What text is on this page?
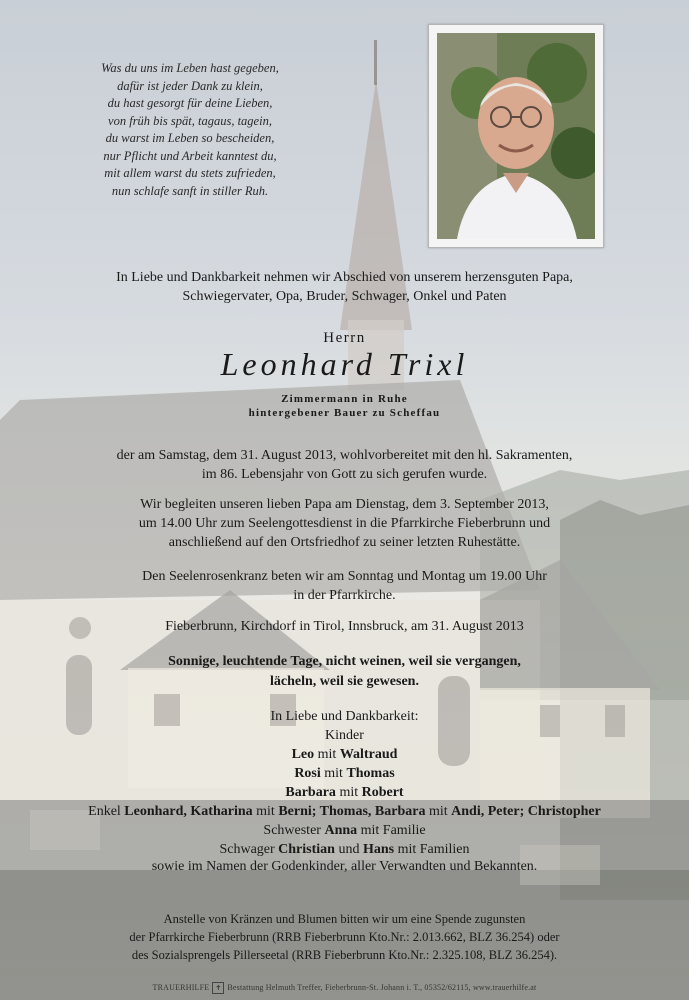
Was du uns im Leben hast gegeben,
dafür ist jeder Dank zu klein,
du hast gesorgt für deine Lieben,
von früh bis spät, tagaus, tagein,
du warst im Leben so bescheiden,
nur Pflicht und Arbeit kanntest du,
mit allem warst du stets zufrieden,
nun schlafe sanft in stiller Ruh.
In Liebe und Dankbarkeit nehmen wir Abschied von unserem herzensguten Papa,
Schwiegervater, Opa, Bruder, Schwager, Onkel und Paten
Herrn
Leonhard Trixl
Zimmermann in Ruhe
hintergebener Bauer zu Scheffau
der am Samstag, dem 31. August 2013, wohlvorbereitet mit den hl. Sakramenten,
im 86. Lebensjahr von Gott zu sich gerufen wurde.
Wir begleiten unseren lieben Papa am Dienstag, dem 3. September 2013,
um 14.00 Uhr zum Seelengottesdienst in die Pfarrkirche Fieberbrunn und
anschließend auf den Ortsfriedhof zu seiner letzten Ruhestätte.
Den Seelenrosenkranz beten wir am Sonntag und Montag um 19.00 Uhr
in der Pfarrkirche.
Fieberbrunn, Kirchdorf in Tirol, Innsbruck, am 31. August 2013
Sonnige, leuchtende Tage, nicht weinen, weil sie vergangen,
lächeln, weil sie gewesen.
In Liebe und Dankbarkeit:
Kinder
Leo mit Waltraud
Rosi mit Thomas
Barbara mit Robert
Enkel Leonhard, Katharina mit Berni; Thomas, Barbara mit Andi, Peter; Christopher
Schwester Anna mit Familie
Schwager Christian und Hans mit Familien
sowie im Namen der Godenkinder, aller Verwandten und Bekannten.
Anstelle von Kränzen und Blumen bitten wir um eine Spende zugunsten
der Pfarrkirche Fieberbrunn (RRB Fieberbrunn Kto.Nr.: 2.013.662, BLZ 36.254) oder
des Sozialsprengels Pillerseetal (RRB Fieberbrunn Kto.Nr.: 2.325.108, BLZ 36.254).
TRAUERHILFE ✝ Bestattung Helmuth Treffer, Fieberbrunn-St. Johann i. T., 05352/62115, www.trauerhilfe.at
